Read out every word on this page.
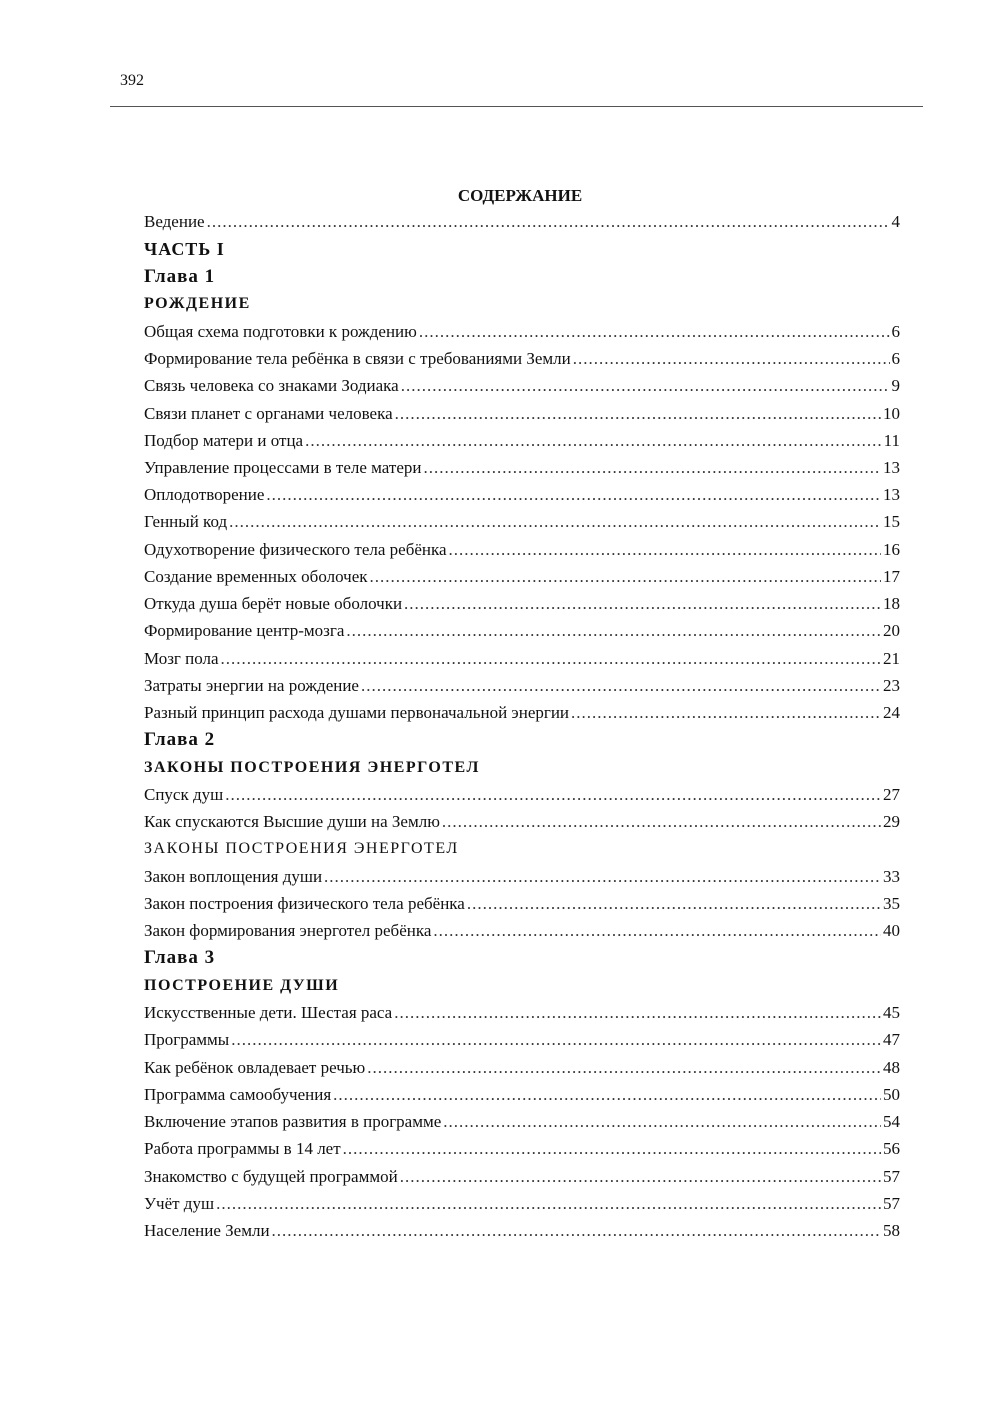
392
СОДЕРЖАНИЕ
Ведение .....	4
ЧАСТЬ I
Глава 1
РОЖДЕНИЕ
Общая схема подготовки к рождению .....	6
Формирование тела ребёнка в связи с требованиями Земли .....	6
Связь человека со знаками Зодиака .....	9
Связи планет с органами человека .....	10
Подбор матери и отца .....	11
Управление процессами в теле матери .....	13
Оплодотворение .....	13
Генный код .....	15
Одухотворение физического тела ребёнка .....	16
Создание временных оболочек .....	17
Откуда душа берёт новые оболочки .....	18
Формирование центр-мозга .....	20
Мозг пола .....	21
Затраты энергии на рождение .....	23
Разный принцип расхода душами первоначальной энергии .....	24
Глава 2
ЗАКОНЫ ПОСТРОЕНИЯ ЭНЕРГОТЕЛ
Спуск душ .....	27
Как спускаются Высшие души на Землю .....	29
ЗАКОНЫ ПОСТРОЕНИЯ ЭНЕРГОТЕЛ
Закон воплощения души .....	33
Закон построения физического тела ребёнка .....	35
Закон формирования энерготел ребёнка .....	40
Глава 3
ПОСТРОЕНИЕ ДУШИ
Искусственные дети. Шестая раса .....	45
Программы .....	47
Как ребёнок овладевает речью .....	48
Программа самообучения .....	50
Включение этапов развития в программе .....	54
Работа программы в 14 лет .....	56
Знакомство с будущей программой .....	57
Учёт душ .....	57
Население Земли .....	58
